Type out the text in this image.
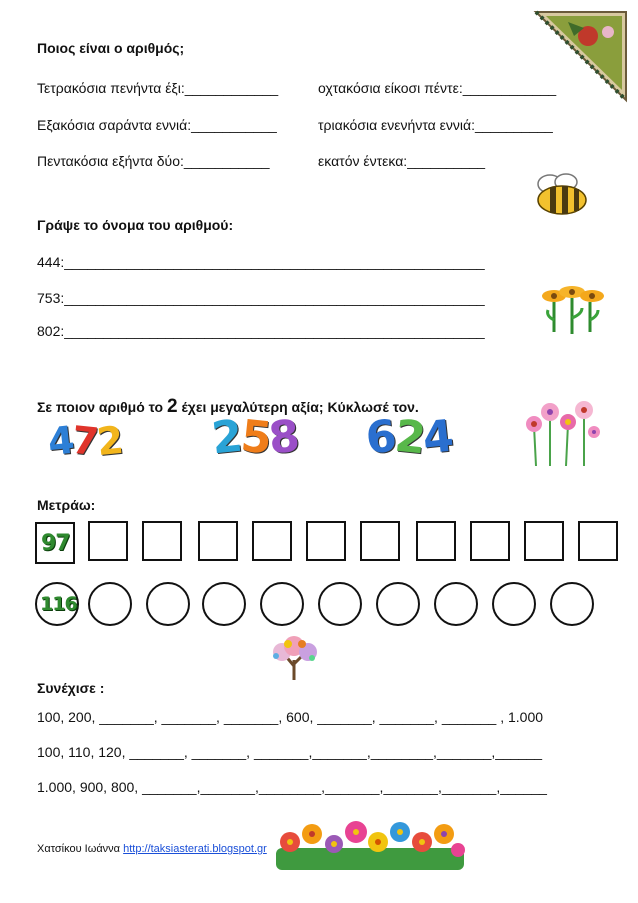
Ποιος είναι ο αριθμός;
Τετρακόσια πενήντα έξι:____________	οχτακόσια είκοσι πέντε:____________
Εξακόσια σαράντα εννιά:___________	τριακόσια ενενήντα εννιά:__________
Πεντακόσια εξήντα δύο:___________	εκατόν έντεκα:__________
Γράψε το όνομα του αριθμού:
444:______________________________________________________
753:______________________________________________________
802:______________________________________________________
Σε ποιον αριθμό το 2 έχει μεγαλύτερη αξία; Κύκλωσέ τον.
472 258 624
Μετράω:
97
116
Συνέχισε :
100, 200, _______, _______, _______, 600, _______, _______, _______ , 1.000
100, 110, 120, _______, _______, _______,_______,________,_______,______
1.000, 900, 800, _______,_______,________,_______,_______,_______,______
Χατσίκου Ιωάννα http://taksiasterati.blogspot.gr
